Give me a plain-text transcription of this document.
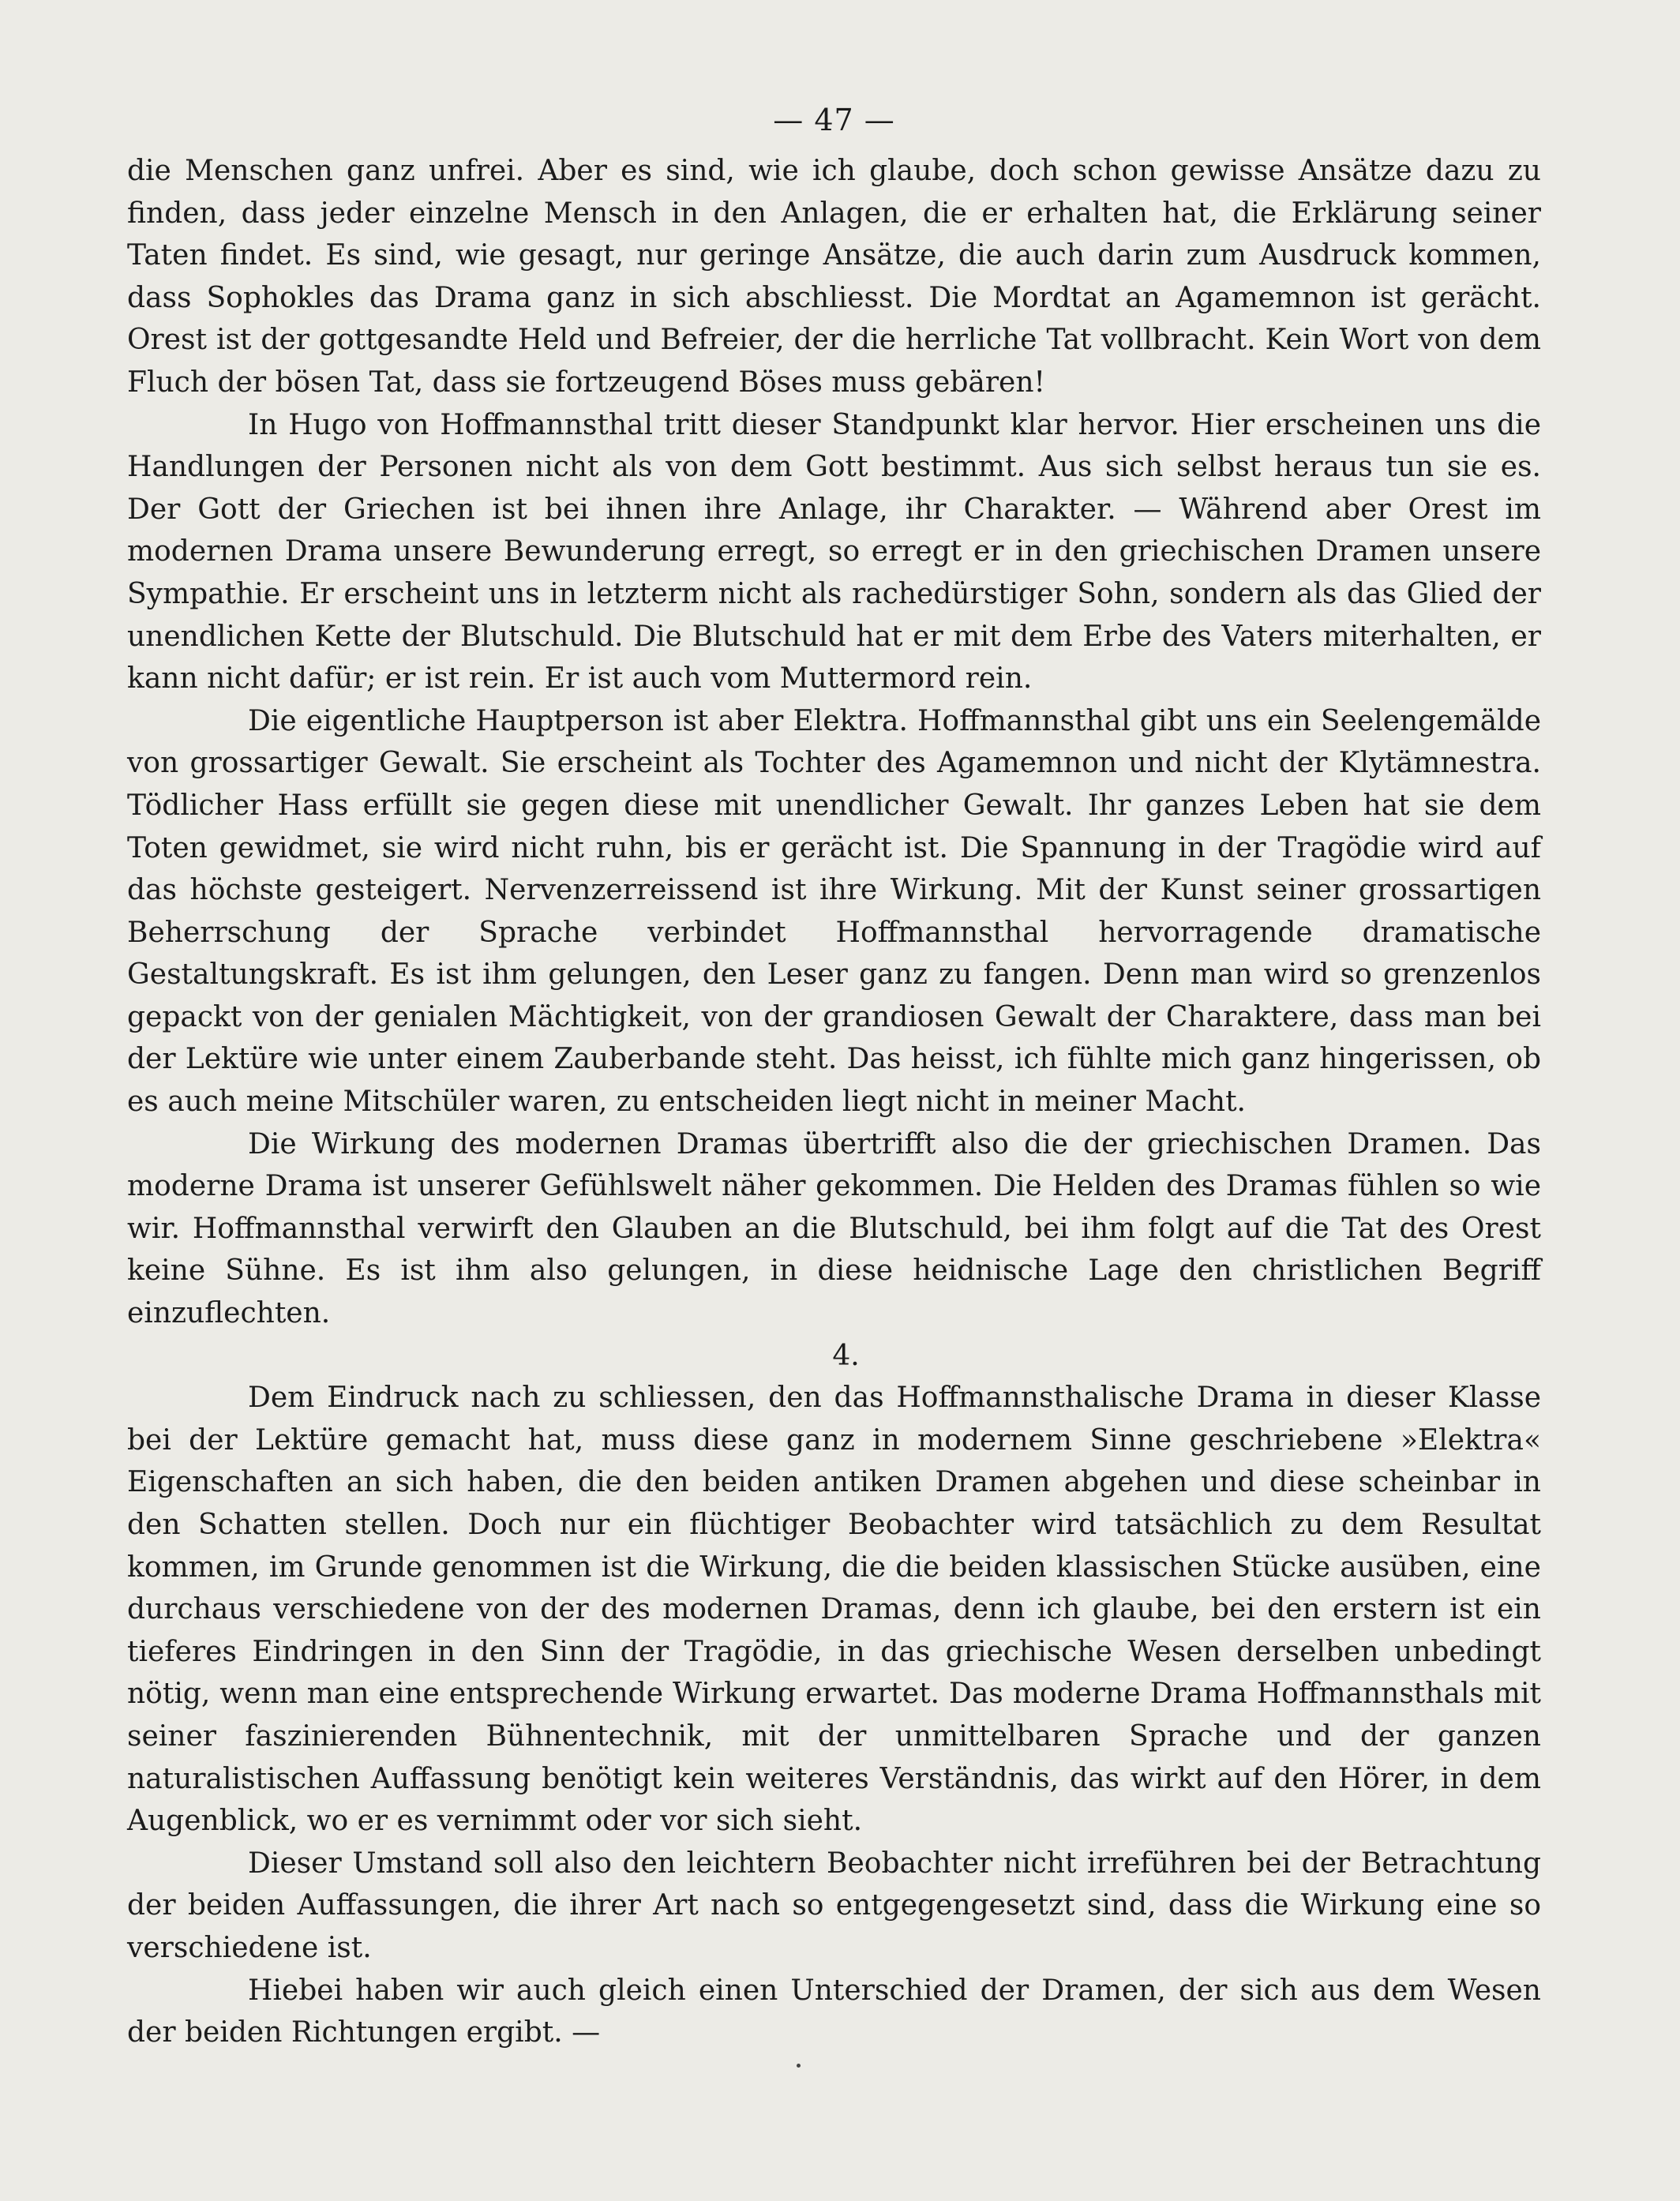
— 47 —

die Menschen ganz unfrei. Aber es sind, wie ich glaube, doch schon gewisse Ansätze dazu zu finden, dass jeder einzelne Mensch in den Anlagen, die er erhalten hat, die Erklärung seiner Taten findet. Es sind, wie gesagt, nur geringe Ansätze, die auch darin zum Ausdruck kommen, dass Sophokles das Drama ganz in sich abschliesst. Die Mordtat an Agamemnon ist gerächt. Orest ist der gottgesandte Held und Befreier, der die herrliche Tat vollbracht. Kein Wort von dem Fluch der bösen Tat, dass sie fortzeugend Böses muss gebären!

In Hugo von Hoffmannsthal tritt dieser Standpunkt klar hervor. Hier erscheinen uns die Handlungen der Personen nicht als von dem Gott bestimmt. Aus sich selbst heraus tun sie es. Der Gott der Griechen ist bei ihnen ihre Anlage, ihr Charakter. — Während aber Orest im modernen Drama unsere Bewunderung erregt, so erregt er in den griechischen Dramen unsere Sympathie. Er erscheint uns in letzterm nicht als rachedürstiger Sohn, sondern als das Glied der unendlichen Kette der Blutschuld. Die Blutschuld hat er mit dem Erbe des Vaters miterhalten, er kann nicht dafür; er ist rein. Er ist auch vom Muttermord rein.

Die eigentliche Hauptperson ist aber Elektra. Hoffmannsthal gibt uns ein Seelengemälde von grossartiger Gewalt. Sie erscheint als Tochter des Agamemnon und nicht der Klytämnestra. Tödlicher Hass erfüllt sie gegen diese mit unendlicher Gewalt. Ihr ganzes Leben hat sie dem Toten gewidmet, sie wird nicht ruhn, bis er gerächt ist. Die Spannung in der Tragödie wird auf das höchste gesteigert. Nervenzerreissend ist ihre Wirkung. Mit der Kunst seiner grossartigen Beherrschung der Sprache verbindet Hoffmannsthal hervorragende dramatische Gestaltungskraft. Es ist ihm gelungen, den Leser ganz zu fangen. Denn man wird so grenzenlos gepackt von der genialen Mächtigkeit, von der grandiosen Gewalt der Charaktere, dass man bei der Lektüre wie unter einem Zauberbande steht. Das heisst, ich fühlte mich ganz hingerissen, ob es auch meine Mitschüler waren, zu entscheiden liegt nicht in meiner Macht.

Die Wirkung des modernen Dramas übertrifft also die der griechischen Dramen. Das moderne Drama ist unserer Gefühlswelt näher gekommen. Die Helden des Dramas fühlen so wie wir. Hoffmannsthal verwirft den Glauben an die Blutschuld, bei ihm folgt auf die Tat des Orest keine Sühne. Es ist ihm also gelungen, in diese heidnische Lage den christlichen Begriff einzuflechten.

4.

Dem Eindruck nach zu schliessen, den das Hoffmannsthalische Drama in dieser Klasse bei der Lektüre gemacht hat, muss diese ganz in modernem Sinne geschriebene »Elektra« Eigenschaften an sich haben, die den beiden antiken Dramen abgehen und diese scheinbar in den Schatten stellen. Doch nur ein flüchtiger Beobachter wird tatsächlich zu dem Resultat kommen, im Grunde genommen ist die Wirkung, die die beiden klassischen Stücke ausüben, eine durchaus verschiedene von der des modernen Dramas, denn ich glaube, bei den erstern ist ein tieferes Eindringen in den Sinn der Tragödie, in das griechische Wesen derselben unbedingt nötig, wenn man eine entsprechende Wirkung erwartet. Das moderne Drama Hoffmannsthals mit seiner faszinierenden Bühnentechnik, mit der unmittelbaren Sprache und der ganzen naturalistischen Auffassung benötigt kein weiteres Verständnis, das wirkt auf den Hörer, in dem Augenblick, wo er es vernimmt oder vor sich sieht.

Dieser Umstand soll also den leichtern Beobachter nicht irreführen bei der Betrachtung der beiden Auffassungen, die ihrer Art nach so entgegengesetzt sind, dass die Wirkung eine so verschiedene ist.

Hiebei haben wir auch gleich einen Unterschied der Dramen, der sich aus dem Wesen der beiden Richtungen ergibt. —
